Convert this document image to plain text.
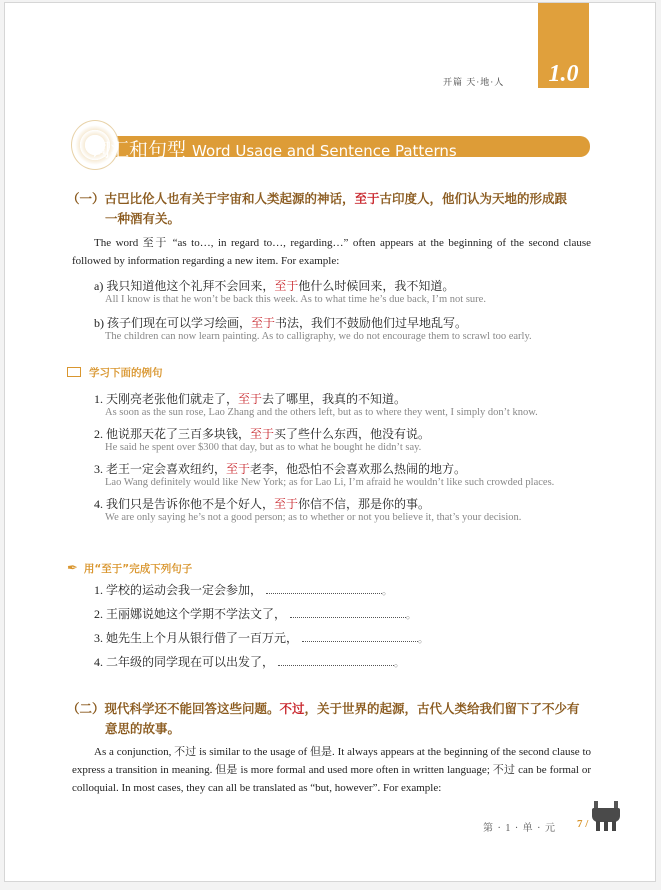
1.0
开篇 天·地·人
词汇和句型 Word Usage and Sentence Patterns
（一）古巴比伦人也有关于宇宙和人类起源的神话，至于古印度人，他们认为天地的形成跟
一种酒有关。
The word 至于 “as to…, in regard to…, regarding…” often appears at the beginning of the second clause followed by information regarding a new item. For example:
a) 我只知道他这个礼拜不会回来，至于他什么时候回来，我不知道。
All I know is that he won’t be back this week. As to what time he’s due back, I’m not sure.
b) 孩子们现在可以学习绘画，至于书法，我们不鼓励他们过早地乱写。
The children can now learn painting. As to calligraphy, we do not encourage them to scrawl too early.
学习下面的例句
1. 天刚亮老张他们就走了，至于去了哪里，我真的不知道。
As soon as the sun rose, Lao Zhang and the others left, but as to where they went, I simply don’t know.
2. 他说那天花了三百多块钱，至于买了些什么东西，他没有说。
He said he spent over $300 that day, but as to what he bought he didn’t say.
3. 老王一定会喜欢纽约，至于老李，他恐怕不会喜欢那么热闹的地方。
Lao Wang definitely would like New York; as for Lao Li, I’m afraid he wouldn’t like such crowded places.
4. 我们只是告诉你他不是个好人，至于你信不信，那是你的事。
We are only saying he’s not a good person; as to whether or not you believe it, that’s your decision.
✒ 用“至于”完成下列句子
1. 学校的运动会我一定会参加，	。
2. 王丽娜说她这个学期不学法文了，	。
3. 她先生上个月从银行借了一百万元，	。
4. 二年级的同学现在可以出发了，	。
（二）现代科学还不能回答这些问题。不过，关于世界的起源，古代人类给我们留下了不少有
意思的故事。
As a conjunction, 不过 is similar to the usage of 但是. It always appears at the beginning of the second clause to express a transition in meaning. 但是 is more formal and used more often in written language; 不过 can be formal or colloquial. In most cases, they can all be translated as “but, however”. For example:
第 · 1 · 单 · 元 7 /
